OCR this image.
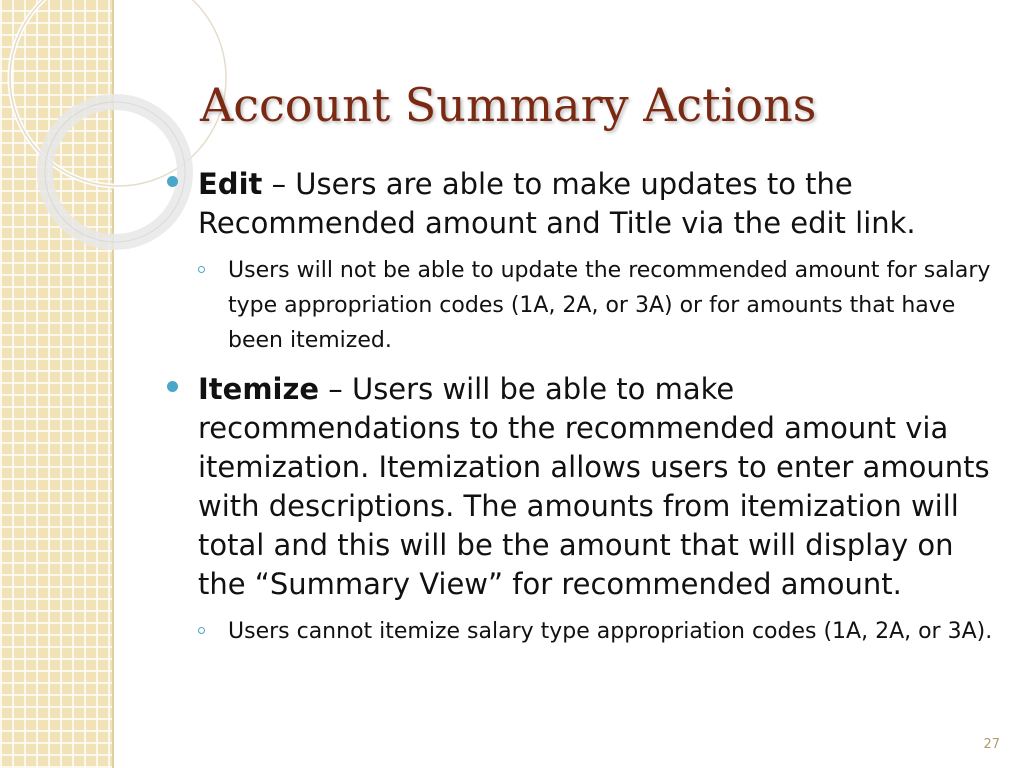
Account Summary Actions
Edit – Users are able to make updates to the Recommended amount and Title via the edit link.
Users will not be able to update the recommended amount for salary type appropriation codes (1A, 2A, or 3A) or for amounts that have been itemized.
Itemize – Users will be able to make recommendations to the recommended amount via itemization. Itemization allows users to enter amounts with descriptions. The amounts from itemization will total and this will be the amount that will display on the “Summary View” for recommended amount.
Users cannot itemize salary type appropriation codes (1A, 2A, or 3A).
27
